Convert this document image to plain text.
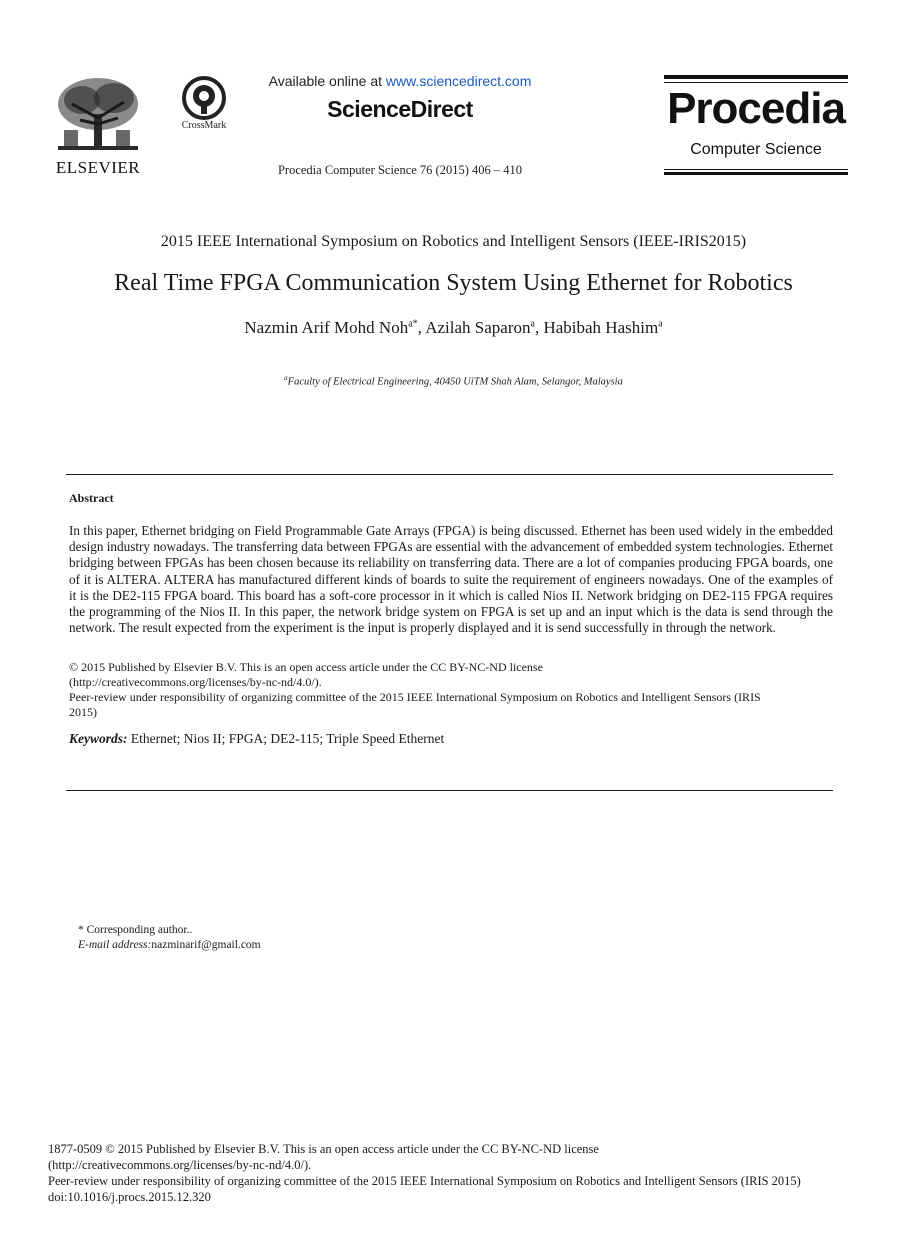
ELSEVIER
CrossMark
Available online at www.sciencedirect.com
ScienceDirect
Procedia Computer Science 76 (2015) 406 – 410
Procedia
Computer Science
2015 IEEE International Symposium on Robotics and Intelligent Sensors (IEEE-IRIS2015)
Real Time FPGA Communication System Using Ethernet for Robotics
Nazmin Arif Mohd Noh$^{a*}$, Azilah Saparon$^a$, Habibah Hashim$^a$
$^a$Faculty of Electrical Engineering, 40450 UiTM Shah Alam, Selangor, Malaysia
Abstract
In this paper, Ethernet bridging on Field Programmable Gate Arrays (FPGA) is being discussed. Ethernet has been used widely in the embedded design industry nowadays. The transferring data between FPGAs are essential with the advancement of embedded system technologies. Ethernet bridging between FPGAs has been chosen because its reliability on transferring data. There are a lot of companies producing FPGA boards, one of it is ALTERA. ALTERA has manufactured different kinds of boards to suite the requirement of engineers nowadays. One of the examples of it is the DE2-115 FPGA board. This board has a soft-core processor in it which is called Nios II. Network bridging on DE2-115 FPGA requires the programming of the Nios II. In this paper, the network bridge system on FPGA is set up and an input which is the data is send through the network. The result expected from the experiment is the input is properly displayed and it is send successfully in through the network.
© 2015 Published by Elsevier B.V. This is an open access article under the CC BY-NC-ND license
(http://creativecommons.org/licenses/by-nc-nd/4.0/).
Peer-review under responsibility of organizing committee of the 2015 IEEE International Symposium on Robotics and Intelligent Sensors (IRIS 2015)
Keywords: Ethernet; Nios II; FPGA; DE2-115; Triple Speed Ethernet
* Corresponding author..
E-mail address:nazminarif@gmail.com
1877-0509 © 2015 Published by Elsevier B.V. This is an open access article under the CC BY-NC-ND license
(http://creativecommons.org/licenses/by-nc-nd/4.0/).
Peer-review under responsibility of organizing committee of the 2015 IEEE International Symposium on Robotics and Intelligent Sensors (IRIS 2015)
doi:10.1016/j.procs.2015.12.320
